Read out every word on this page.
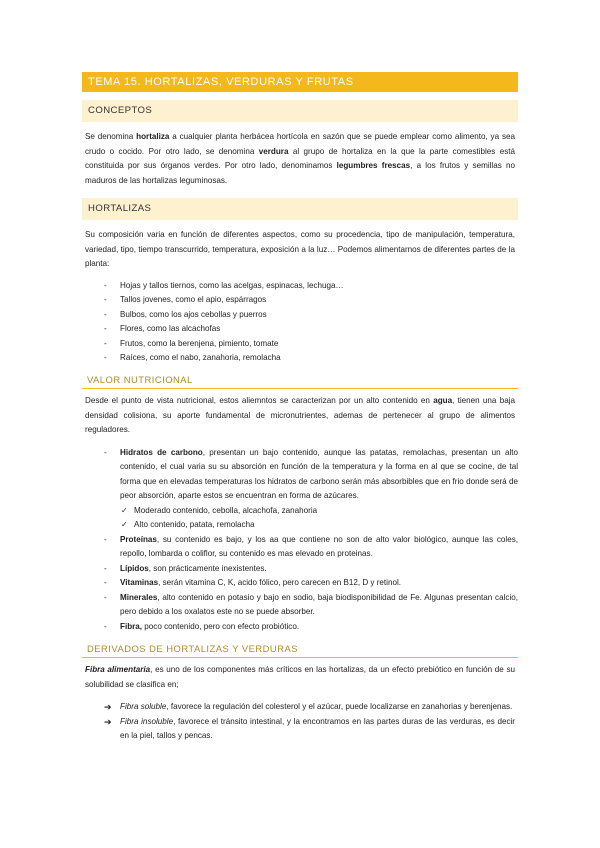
TEMA 15. HORTALIZAS, VERDURAS Y FRUTAS
CONCEPTOS

Se denomina hortaliza a cualquier planta herbácea hortícola en sazón que se puede emplear como alimento, ya sea crudo o cocido. Por otro lado, se denomina verdura al grupo de hortaliza en la que la parte comestibles está constituida por sus órganos verdes. Por otro lado, denominamos legumbres frescas, a los frutos y semillas no maduros de las hortalizas leguminosas.

HORTALIZAS

Su composición varia en función de diferentes aspectos, como su procedencia, tipo de manipulación, temperatura, variedad, tipo, tiempo transcurrido, temperatura, exposición a la luz… Podemos alimentarnos de diferentes partes de la planta:

- Hojas y tallos tiernos, como las acelgas, espinacas, lechuga…
- Tallos jovenes, como el apio, espárragos
- Bulbos, como los ajos cebollas y puerros
- Flores, como las alcachofas
- Frutos, como la berenjena, pimiento, tomate
- Raíces, como el nabo, zanahoria, remolacha
VALOR NUTRICIONAL

Desde el punto de vista nutricional, estos aliemntos se caracterizan por un alto contenido en agua, tienen una baja densidad colisiona, su aporte fundamental de micronutrientes, ademas de pertenecer al grupo de alimentos reguladores.

- Hidratos de carbono, presentan un bajo contenido, aunque las patatas, remolachas, presentan un alto contenido, el cual varia su su absorción en función de la temperatura y la forma en al que se cocine, de tal forma que en elevadas temperaturas los hidratos de carbono serán más absorbibles que en frio donde será de peor absorción, aparte estos se encuentran en forma de azúcares.
✓ Moderado contenido, cebolla, alcachofa, zanahoria
✓ Alto contenido, patata, remolacha
- Proteínas, su contenido es bajo, y los aa que contiene no son de alto valor biológico, aunque las coles, repollo, lombarda o coliflor, su contenido es mas elevado en proteinas.
- Lípidos, son prácticamente inexistentes.
- Vitaminas, serán vitamina C, K, acido fólico, pero carecen en B12, D y retinol.
- Minerales, alto contenido en potasio y bajo en sodio, baja biodisponibilidad de Fe. Algunas presentan calcio, pero debido a los oxalatos este no se puede absorber.
- Fibra, poco contenido, pero con efecto probiótico.
DERIVADOS DE HORTALIZAS Y VERDURAS

Fibra alimentaria, es uno de los componentes más críticos en las hortalizas, da un efecto prebiótico en función de su solubilidad se clasifica en;

➔ Fibra soluble, favorece la regulación del colesterol y el azúcar, puede localizarse en zanahorias y berenjenas.
➔ Fibra insoluble, favorece el tránsito intestinal, y la encontramos en las partes duras de las verduras, es decir en la piel, tallos y pencas.
